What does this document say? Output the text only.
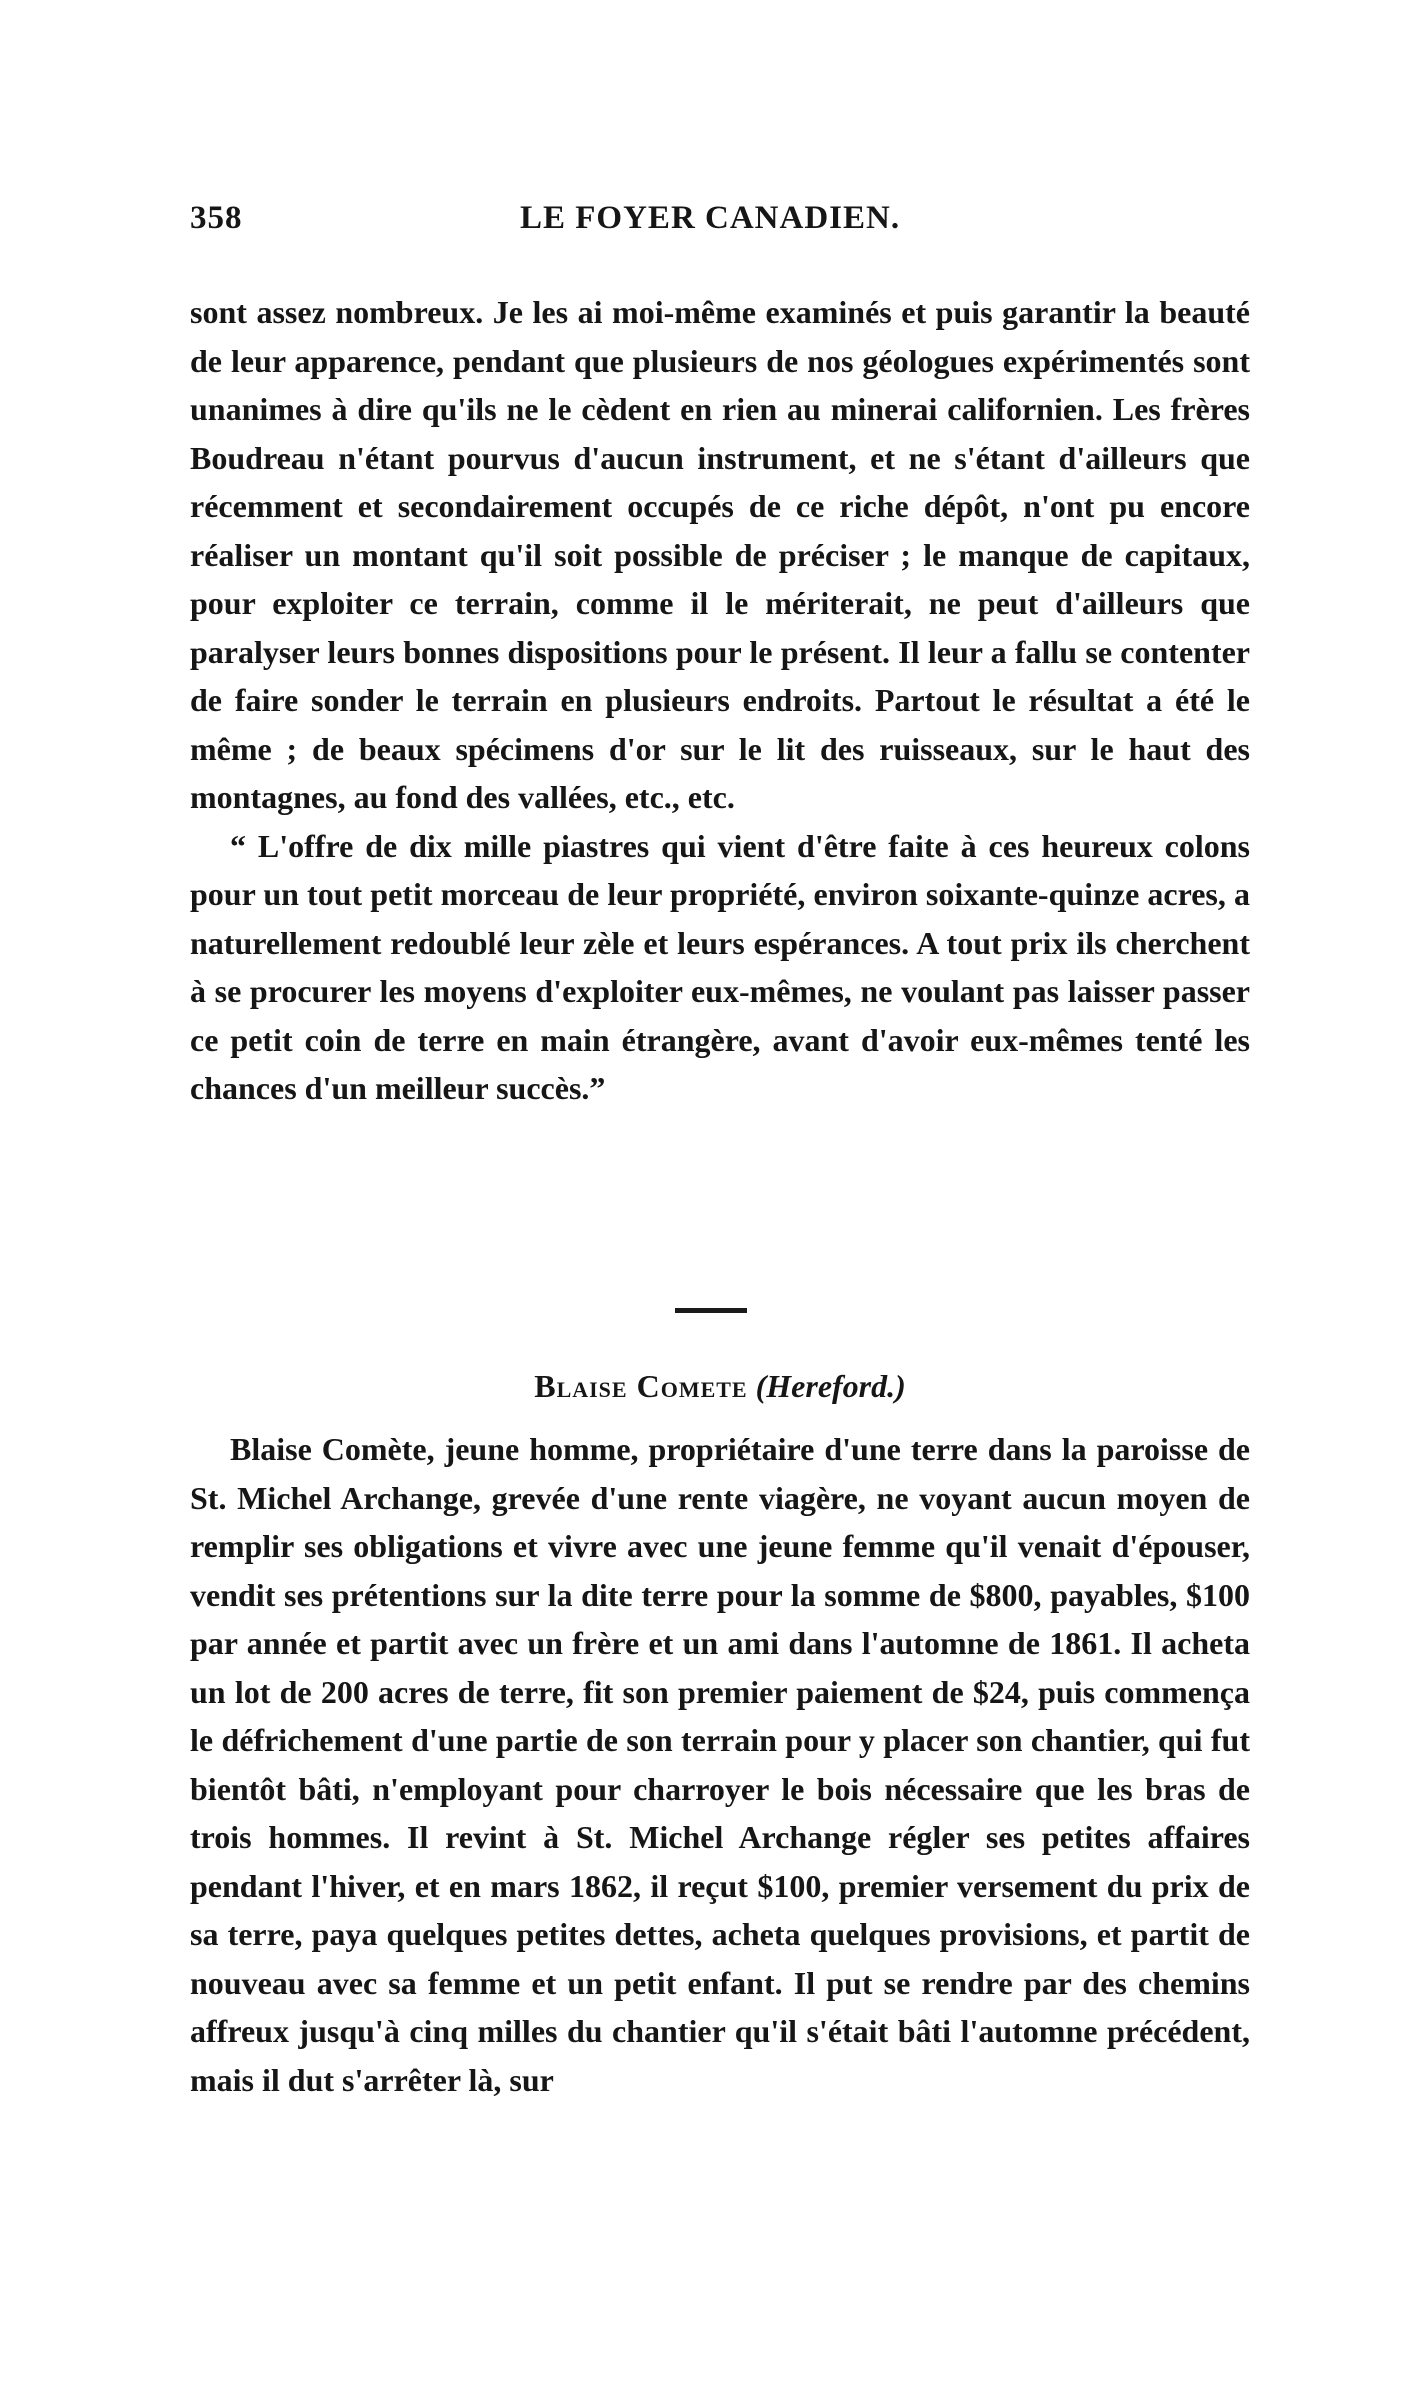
358	LE FOYER CANADIEN.

sont assez nombreux. Je les ai moi-même examinés et puis garantir la beauté de leur apparence, pendant que plusieurs de nos géologues expérimentés sont unanimes à dire qu'ils ne le cèdent en rien au minerai californien. Les frères Boudreau n'étant pourvus d'aucun instrument, et ne s'étant d'ailleurs que récemment et secondairement occupés de ce riche dépôt, n'ont pu encore réaliser un montant qu'il soit possible de préciser ; le manque de capitaux, pour exploiter ce terrain, comme il le mériterait, ne peut d'ailleurs que paralyser leurs bonnes dispositions pour le présent. Il leur a fallu se contenter de faire sonder le terrain en plusieurs endroits. Partout le résultat a été le même ; de beaux spécimens d'or sur le lit des ruisseaux, sur le haut des montagnes, au fond des vallées, etc., etc.

“ L'offre de dix mille piastres qui vient d'être faite à ces heureux colons pour un tout petit morceau de leur propriété, environ soixante-quinze acres, a naturellement redoublé leur zèle et leurs espérances. A tout prix ils cherchent à se procurer les moyens d'exploiter eux-mêmes, ne voulant pas laisser passer ce petit coin de terre en main étrangère, avant d'avoir eux-mêmes tenté les chances d'un meilleur succès.”

Blaise Comete (Hereford.)

Blaise Comète, jeune homme, propriétaire d'une terre dans la paroisse de St. Michel Archange, grevée d'une rente viagère, ne voyant aucun moyen de remplir ses obligations et vivre avec une jeune femme qu'il venait d'épouser, vendit ses prétentions sur la dite terre pour la somme de $800, payables, $100 par année et partit avec un frère et un ami dans l'automne de 1861. Il acheta un lot de 200 acres de terre, fit son premier paiement de $24, puis commença le défrichement d'une partie de son terrain pour y placer son chantier, qui fut bientôt bâti, n'employant pour charroyer le bois nécessaire que les bras de trois hommes. Il revint à St. Michel Archange régler ses petites affaires pendant l'hiver, et en mars 1862, il reçut $100, premier versement du prix de sa terre, paya quelques petites dettes, acheta quelques provisions, et partit de nouveau avec sa femme et un petit enfant. Il put se rendre par des chemins affreux jusqu'à cinq milles du chantier qu'il s'était bâti l'automne précédent, mais il dut s'arrêter là, sur
